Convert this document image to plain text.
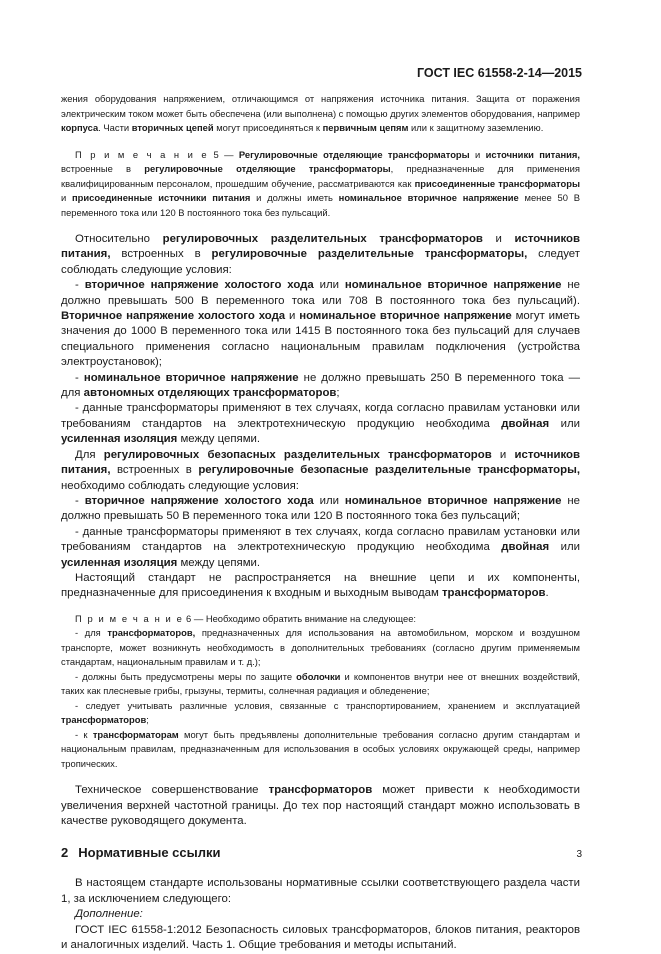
ГОСТ IEC 61558-2-14—2015

жения оборудования напряжением, отличающимся от напряжения источника питания. Защита от поражения электрическим током может быть обеспечена (или выполнена) с помощью других элементов оборудования, например корпуса. Части вторичных цепей могут присоединяться к первичным цепям или к защитному заземлению.

П р и м е ч а н и е 5 — Регулировочные отделяющие трансформаторы и источники питания, встроенные в регулировочные отделяющие трансформаторы, предназначенные для применения квалифицированным персоналом, прошедшим обучение, рассматриваются как присоединенные трансформаторы и присоединенные источники питания и должны иметь номинальное вторичное напряжение менее 50 В переменного тока или 120 В постоянного тока без пульсаций.

Относительно регулировочных разделительных трансформаторов и источников питания, встроенных в регулировочные разделительные трансформаторы, следует соблюдать следующие условия:

- вторичное напряжение холостого хода или номинальное вторичное напряжение не должно превышать 500 В переменного тока или 708 В постоянного тока без пульсаций). Вторичное напряжение холостого хода и номинальное вторичное напряжение могут иметь значения до 1000 В переменного тока или 1415 В постоянного тока без пульсаций для случаев специального применения согласно национальным правилам подключения (устройства электроустановок);

- номинальное вторичное напряжение не должно превышать 250 В переменного тока — для автономных отделяющих трансформаторов;

- данные трансформаторы применяют в тех случаях, когда согласно правилам установки или требованиям стандартов на электротехническую продукцию необходима двойная или усиленная изоляция между цепями.

Для регулировочных безопасных разделительных трансформаторов и источников питания, встроенных в регулировочные безопасные разделительные трансформаторы, необходимо соблюдать следующие условия:

- вторичное напряжение холостого хода или номинальное вторичное напряжение не должно превышать 50 В переменного тока или 120 В постоянного тока без пульсаций;

- данные трансформаторы применяют в тех случаях, когда согласно правилам установки или требованиям стандартов на электротехническую продукцию необходима двойная или усиленная изоляция между цепями.

Настоящий стандарт не распространяется на внешние цепи и их компоненты, предназначенные для присоединения к входным и выходным выводам трансформаторов.

П р и м е ч а н и е 6 — Необходимо обратить внимание на следующее:

- для трансформаторов, предназначенных для использования на автомобильном, морском и воздушном транспорте, может возникнуть необходимость в дополнительных требованиях (согласно другим применяемым стандартам, национальным правилам и т. д.);

- должны быть предусмотрены меры по защите оболочки и компонентов внутри нее от внешних воздействий, таких как плесневые грибы, грызуны, термиты, солнечная радиация и обледенение;

- следует учитывать различные условия, связанные с транспортированием, хранением и эксплуатацией трансформаторов;

- к трансформаторам могут быть предъявлены дополнительные требования согласно другим стандартам и национальным правилам, предназначенным для использования в особых условиях окружающей среды, например тропических.

Техническое совершенствование трансформаторов может привести к необходимости увеличения верхней частотной границы. До тех пор настоящий стандарт можно использовать в качестве руководящего документа.

2 Нормативные ссылки

В настоящем стандарте использованы нормативные ссылки соответствующего раздела части 1, за исключением следующего:

Дополнение:

ГОСТ IEC 61558-1:2012 Безопасность силовых трансформаторов, блоков питания, реакторов и аналогичных изделий. Часть 1. Общие требования и методы испытаний.

3
